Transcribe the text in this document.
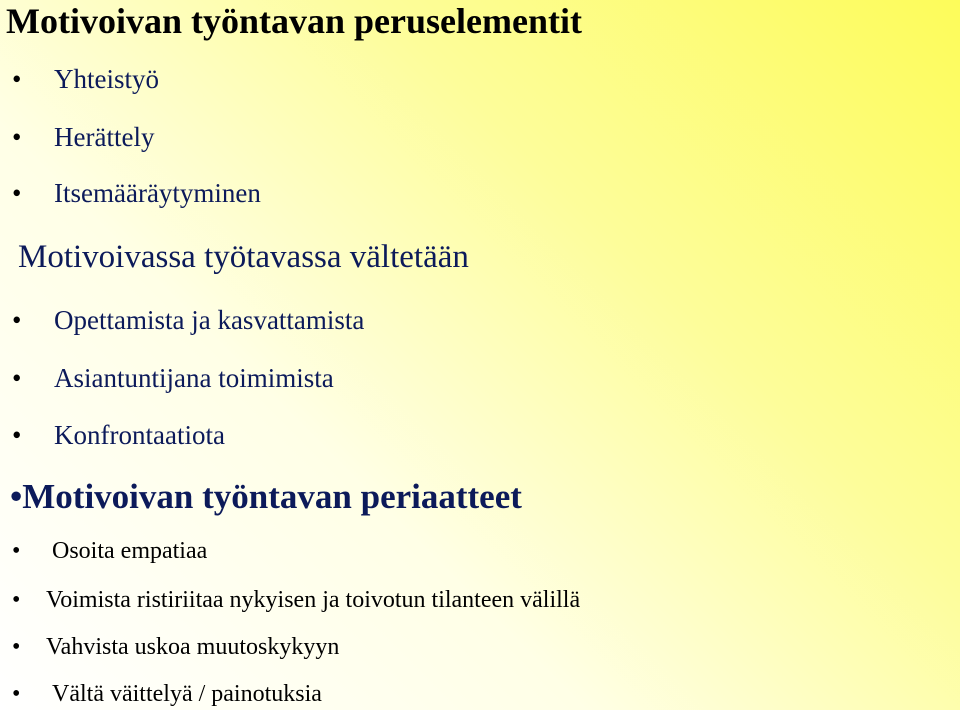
Motivoivan työntavan peruselementit
• Yhteistyö
• Herättely
• Itsemääräytyminen
Motivoivassa työtavassa vältetään
• Opettamista ja kasvattamista
• Asiantuntijana toimimista
• Konfrontaatiota
•Motivoivan työntavan periaatteet
• Osoita empatiaa
• Voimista ristiriitaa nykyisen ja toivotun tilanteen välillä
• Vahvista uskoa muutoskykyyn
• Vältä väittelyä / painotuksia
